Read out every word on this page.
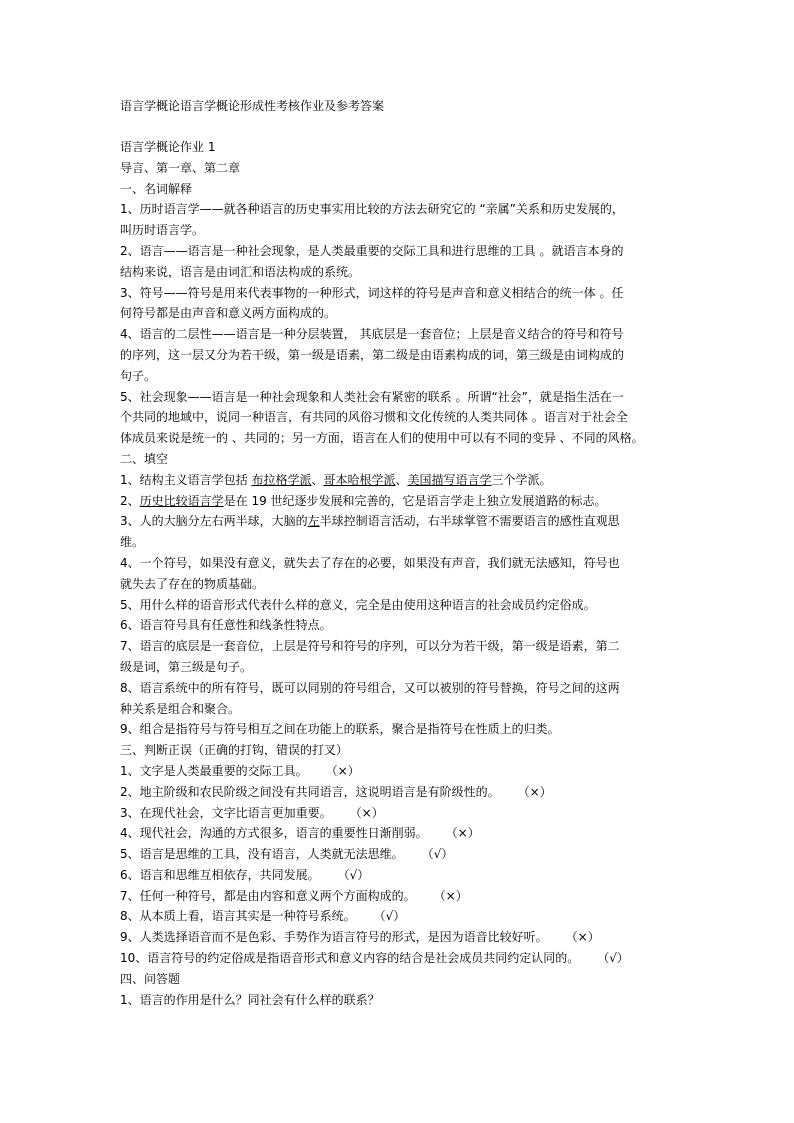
语言学概论语言学概论形成性考核作业及参考答案

语言学概论作业 1

导言、第一章、第二章

一、名词解释

1、历时语言学——就各种语言的历史事实用比较的方法去研究它的 “亲属”关系和历史发展的，

叫历时语言学。

2、语言——语言是一种社会现象，是人类最重要的交际工具和进行思维的工具 。就语言本身的

结构来说，语言是由词汇和语法构成的系统。

3、符号——符号是用来代表事物的一种形式，词这样的符号是声音和意义相结合的统一体 。任

何符号都是由声音和意义两方面构成的。

4、语言的二层性——语言是一种分层装置， 其底层是一套音位；上层是音义结合的符号和符号

的序列，这一层又分为若干级，第一级是语素，第二级是由语素构成的词，第三级是由词构成的

句子。

5、社会现象——语言是一种社会现象和人类社会有紧密的联系 。所谓“社会”，就是指生活在一

个共同的地域中，说同一种语言，有共同的风俗习惯和文化传统的人类共同体 。语言对于社会全

体成员来说是统一的 、共同的；另一方面，语言在人们的使用中可以有不同的变异 、不同的风格。

二、填空

1、结构主义语言学包括 布拉格学派、哥本哈根学派、美国描写语言学三个学派。

2、历史比较语言学是在 19 世纪逐步发展和完善的，它是语言学走上独立发展道路的标志。

3、人的大脑分左右两半球，大脑的左半球控制语言活动，右半球掌管不需要语言的感性直观思

维。

4、一个符号，如果没有意义，就失去了存在的必要，如果没有声音，我们就无法感知，符号也

就失去了存在的物质基础。

5、用什么样的语音形式代表什么样的意义，完全是由使用这种语言的社会成员约定俗成。

6、语言符号具有任意性和线条性特点。

7、语言的底层是一套音位，上层是符号和符号的序列，可以分为若干级，第一级是语素，第二

级是词，第三级是句子。

8、语言系统中的所有符号，既可以同别的符号组合，又可以被别的符号替换，符号之间的这两

种关系是组合和聚合。

9、组合是指符号与符号相互之间在功能上的联系，聚合是指符号在性质上的归类。

三、判断正误（正确的打钩，错误的打叉）

1、文字是人类最重要的交际工具。 （×）

2、地主阶级和农民阶级之间没有共同语言，这说明语言是有阶级性的。 （×）

3、在现代社会，文字比语言更加重要。 （×）

4、现代社会，沟通的方式很多，语言的重要性日渐削弱。 （×）

5、语言是思维的工具，没有语言，人类就无法思维。 （√）

6、语言和思维互相依存，共同发展。 （√）

7、任何一种符号，都是由内容和意义两个方面构成的。 （×）

8、从本质上看，语言其实是一种符号系统。 （√）

9、人类选择语音而不是色彩、手势作为语言符号的形式，是因为语音比较好听。 （×）

10、语言符号的约定俗成是指语音形式和意义内容的结合是社会成员共同约定认同的。 （√）

四、问答题

1、语言的作用是什么？同社会有什么样的联系？
